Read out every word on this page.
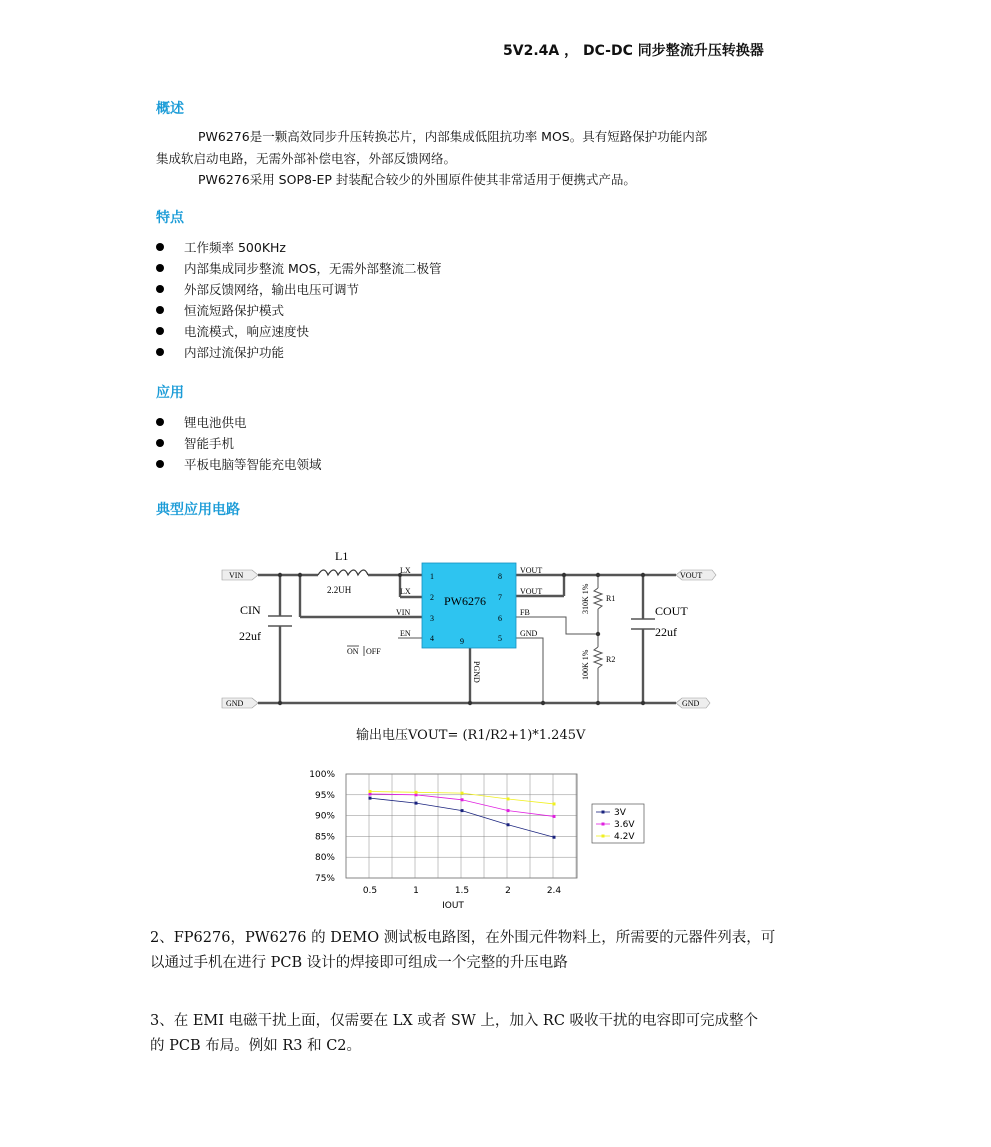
5V2.4A ， DC-DC 同步整流升压转换器
概述
PW6276是一颗高效同步升压转换芯片，内部集成低阻抗功率 MOS。具有短路保护功能内部
集成软启动电路，无需外部补偿电容，外部反馈网络。
PW6276采用 SOP8-EP 封装配合较少的外围原件使其非常适用于便携式产品。
特点
工作频率 500KHz
内部集成同步整流 MOS，无需外部整流二极管
外部反馈网络，输出电压可调节
恒流短路保护模式
电流模式，响应速度快
内部过流保护功能
应用
锂电池供电
智能手机
平板电脑等智能充电领域
典型应用电路
VIN
GND
VOUT
GND
PW6276
1
2
3
4
8
7
6
5
9
LX
LX
VIN
EN
VOUT
VOUT
FB
GND
L1
2.2UH
CIN
22uf
COUT
22uf
R1
R2
310K 1%
100K 1%
PGND
ON OFF
输出电压VOUT= (R1/R2+1)*1.245V
100%
95%
90%
85%
80%
75%
0.5	1	1.5	2	2.4
IOUT
3V
3.6V
4.2V
2、FP6276，PW6276 的 DEMO 测试板电路图，在外围元件物料上，所需要的元器件列表，可
以通过手机在进行 PCB 设计的焊接即可组成一个完整的升压电路
3、在 EMI 电磁干扰上面，仅需要在 LX 或者 SW 上，加入 RC 吸收干扰的电容即可完成整个
的 PCB 布局。例如 R3 和 C2。
